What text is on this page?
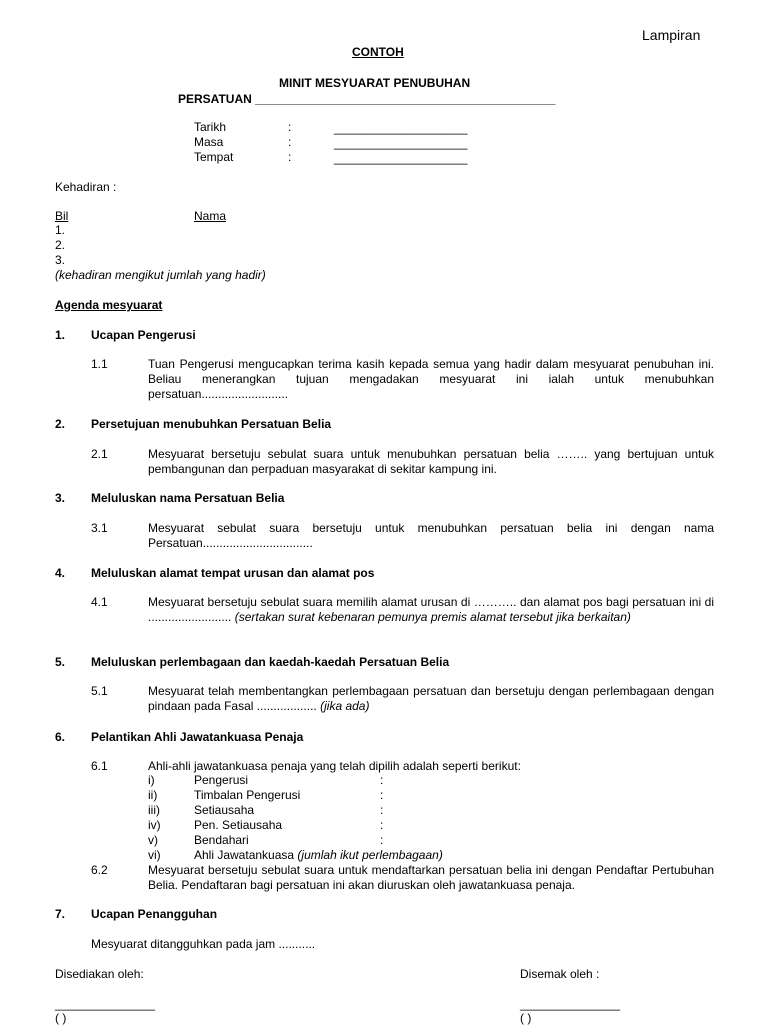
Lampiran
CONTOH
MINIT MESYUARAT PENUBUHAN
PERSATUAN _____________________________________________
Tarikh	:	____________________
Masa	:	____________________
Tempat	:	____________________
Kehadiran :
Bil	Nama
1.
2.
3.
(kehadiran mengikut jumlah yang hadir)
Agenda mesyuarat
1. Ucapan Pengerusi
1.1	Tuan Pengerusi mengucapkan terima kasih kepada semua yang hadir dalam mesyuarat penubuhan ini. Beliau menerangkan tujuan mengadakan mesyuarat ini ialah untuk menubuhkan persatuan..........................
2. Persetujuan menubuhkan Persatuan Belia
2.1	Mesyuarat bersetuju sebulat suara untuk menubuhkan persatuan belia …….. yang bertujuan untuk pembangunan dan perpaduan masyarakat di sekitar kampung ini.
3. Meluluskan nama Persatuan Belia
3.1	Mesyuarat sebulat suara bersetuju untuk menubuhkan persatuan belia ini dengan nama Persatuan.................................
4. Meluluskan alamat tempat urusan dan alamat pos
4.1	Mesyuarat bersetuju sebulat suara memilih alamat urusan di ……….. dan alamat pos bagi persatuan ini di ......................... (sertakan surat kebenaran pemunya premis alamat tersebut jika berkaitan)
5. Meluluskan perlembagaan dan kaedah-kaedah Persatuan Belia
5.1	Mesyuarat telah membentangkan perlembagaan persatuan dan bersetuju dengan perlembagaan dengan pindaan pada Fasal .................. (jika ada)
6. Pelantikan Ahli Jawatankuasa Penaja
6.1	Ahli-ahli jawatankuasa penaja yang telah dipilih adalah seperti berikut:
i)	Pengerusi	:
ii)	Timbalan Pengerusi	:
iii)	Setiausaha	:
iv)	Pen. Setiausaha	:
v)	Bendahari	:
vi)	Ahli Jawatankuasa (jumlah ikut perlembagaan)
6.2	Mesyuarat bersetuju sebulat suara untuk mendaftarkan persatuan belia ini dengan Pendaftar Pertubuhan Belia. Pendaftaran bagi persatuan ini akan diuruskan oleh jawatankuasa penaja.
7. Ucapan Penangguhan
Mesyuarat ditangguhkan pada jam ...........
Disediakan oleh:	Disemak oleh :
_______________	_______________
( )	( )
